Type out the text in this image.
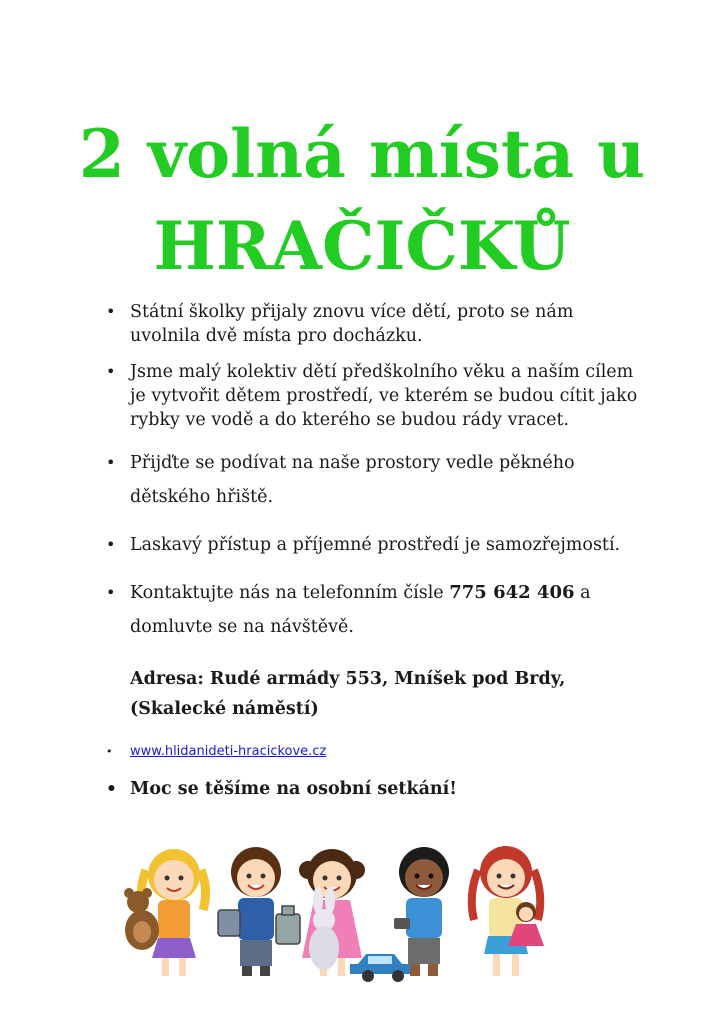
2 volná místa u
HRAČIČKŮ
• Státní školky přijaly znovu více dětí, proto se nám uvolnila dvě místa pro docházku.
• Jsme malý kolektiv dětí předškolního věku a naším cílem je vytvořit dětem prostředí, ve kterém se budou cítit jako rybky ve vodě a do kterého se budou rády vracet.
• Přijďte se podívat na naše prostory vedle pěkného dětského hřiště.
• Laskavý přístup a příjemné prostředí je samozřejmostí.
• Kontaktujte nás na telefonním čísle 775 642 406 a domluvte se na návštěvě.
Adresa: Rudé armády 553, Mníšek pod Brdy, (Skalecké náměstí)
• www.hlidanideti-hracickove.cz
• Moc se těšíme na osobní setkání!
